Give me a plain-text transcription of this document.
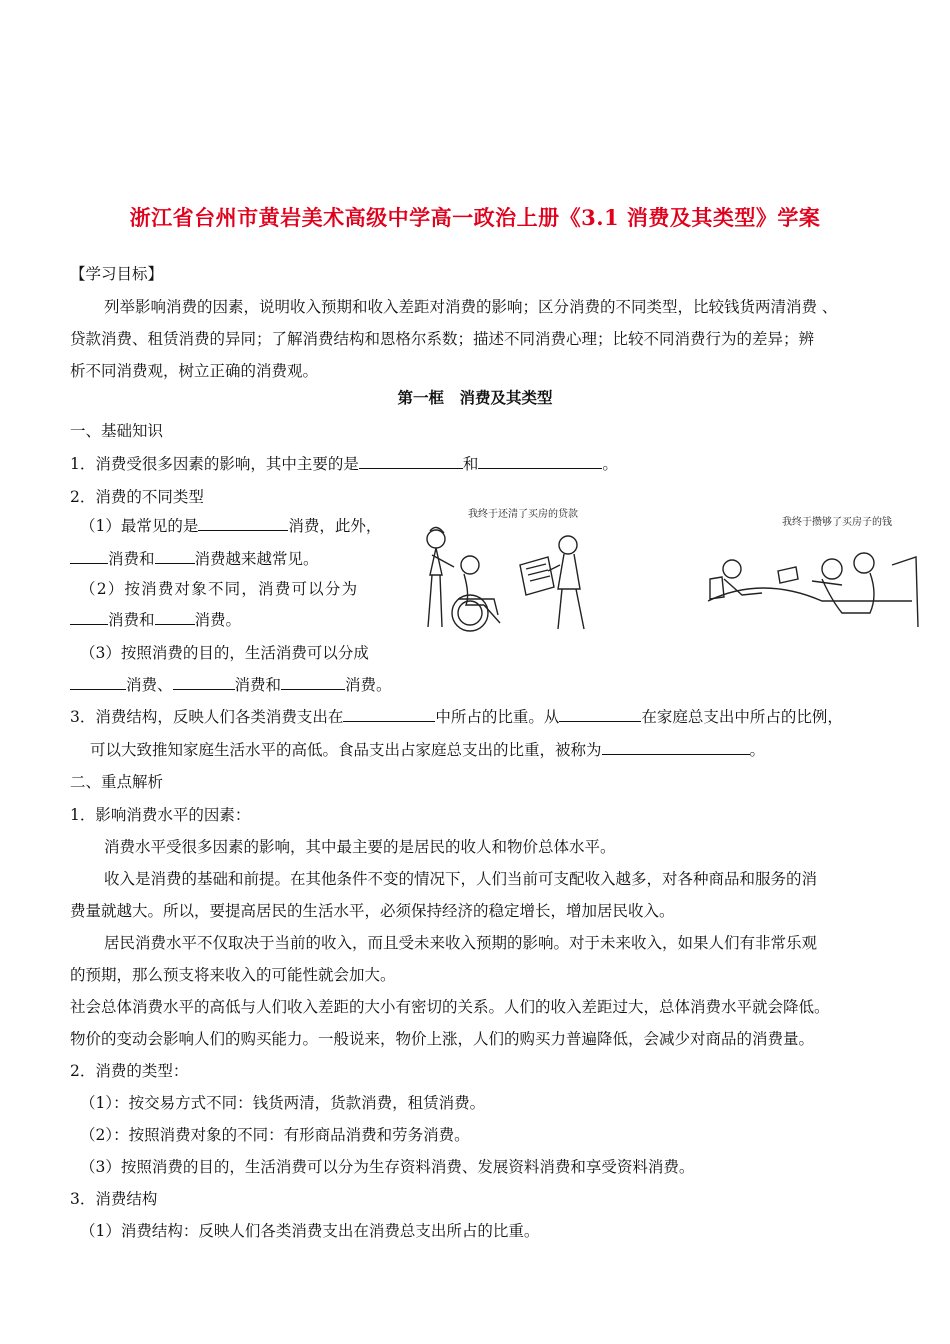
浙江省台州市黄岩美术高级中学高一政治上册《3.1 消费及其类型》学案
【学习目标】
列举影响消费的因素，说明收入预期和收入差距对消费的影响；区分消费的不同类型，比较钱货两清消费 、
贷款消费、租赁消费的异同；了解消费结构和恩格尔系数；描述不同消费心理；比较不同消费行为的差异；辨
析不同消费观，树立正确的消费观。
第一框　消费及其类型
一、基础知识
1．消费受很多因素的影响，其中主要的是	和	。
2．消费的不同类型
（1）最常见的是	消费，此外，
消费和	消费越来越常见。
（2）按消费对象不同，消费可以分为
消费和	消费。
（3）按照消费的目的，生活消费可以分成
消费、	消费和	消费。
3．消费结构，反映人们各类消费支出在	中所占的比重。从	在家庭总支出中所占的比例，
可以大致推知家庭生活水平的高低。食品支出占家庭总支出的比重，被称为	。
我终于还清了买房的贷款
我终于攒够了买房子的钱
二、重点解析
1．影响消费水平的因素：
消费水平受很多因素的影响，其中最主要的是居民的收人和物价总体水平。
收入是消费的基础和前提。在其他条件不变的情况下，人们当前可支配收入越多，对各种商品和服务的消
费量就越大。所以，要提高居民的生活水平，必须保持经济的稳定增长，增加居民收入。
居民消费水平不仅取决于当前的收入，而且受未来收入预期的影响。对于未来收入，如果人们有非常乐观
的预期，那么预支将来收入的可能性就会加大。
社会总体消费水平的高低与人们收入差距的大小有密切的关系。人们的收入差距过大，总体消费水平就会降低。
物价的变动会影响人们的购买能力。一般说来，物价上涨，人们的购买力普遍降低，会减少对商品的消费量。
2．消费的类型：
（1）：按交易方式不同：钱货两清，货款消费，租赁消费。
（2）：按照消费对象的不同：有形商品消费和劳务消费。
（3）按照消费的目的，生活消费可以分为生存资料消费、发展资料消费和享受资料消费。
3．消费结构
（1）消费结构：反映人们各类消费支出在消费总支出所占的比重。
